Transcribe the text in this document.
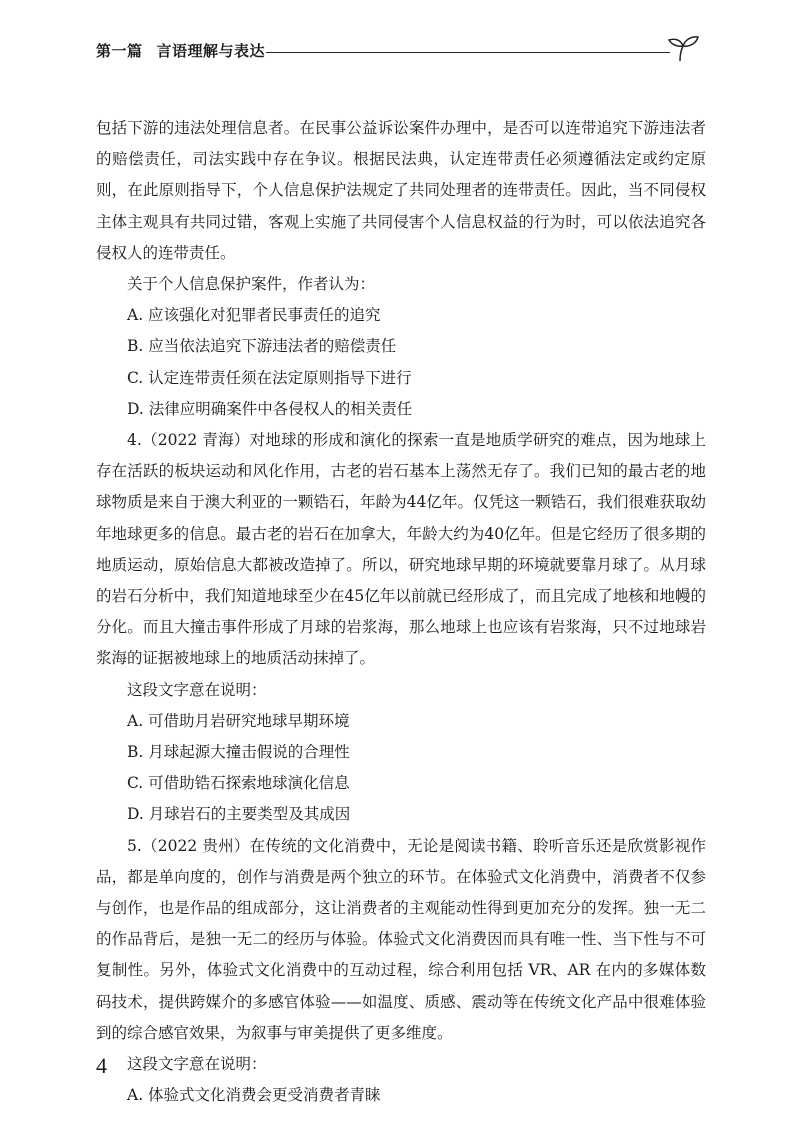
第一篇 言语理解与表达

包括下游的违法处理信息者。在民事公益诉讼案件办理中，是否可以连带追究下游违法者的赔偿责任，司法实践中存在争议。根据民法典，认定连带责任必须遵循法定或约定原则，在此原则指导下，个人信息保护法规定了共同处理者的连带责任。因此，当不同侵权主体主观具有共同过错，客观上实施了共同侵害个人信息权益的行为时，可以依法追究各侵权人的连带责任。

关于个人信息保护案件，作者认为：

A. 应该强化对犯罪者民事责任的追究

B. 应当依法追究下游违法者的赔偿责任

C. 认定连带责任须在法定原则指导下进行

D. 法律应明确案件中各侵权人的相关责任

4.（2022 青海）对地球的形成和演化的探索一直是地质学研究的难点，因为地球上存在活跃的板块运动和风化作用，古老的岩石基本上荡然无存了。我们已知的最古老的地球物质是来自于澳大利亚的一颗锆石，年龄为44亿年。仅凭这一颗锆石，我们很难获取幼年地球更多的信息。最古老的岩石在加拿大，年龄大约为40亿年。但是它经历了很多期的地质运动，原始信息大都被改造掉了。所以，研究地球早期的环境就要靠月球了。从月球的岩石分析中，我们知道地球至少在45亿年以前就已经形成了，而且完成了地核和地幔的分化。而且大撞击事件形成了月球的岩浆海，那么地球上也应该有岩浆海，只不过地球岩浆海的证据被地球上的地质活动抹掉了。

这段文字意在说明：

A. 可借助月岩研究地球早期环境

B. 月球起源大撞击假说的合理性

C. 可借助锆石探索地球演化信息

D. 月球岩石的主要类型及其成因

5.（2022 贵州）在传统的文化消费中，无论是阅读书籍、聆听音乐还是欣赏影视作品，都是单向度的，创作与消费是两个独立的环节。在体验式文化消费中，消费者不仅参与创作，也是作品的组成部分，这让消费者的主观能动性得到更加充分的发挥。独一无二的作品背后，是独一无二的经历与体验。体验式文化消费因而具有唯一性、当下性与不可复制性。另外，体验式文化消费中的互动过程，综合利用包括 VR、AR 在内的多媒体数码技术，提供跨媒介的多感官体验——如温度、质感、震动等在传统文化产品中很难体验到的综合感官效果，为叙事与审美提供了更多维度。

这段文字意在说明：

A. 体验式文化消费会更受消费者青睐

4
